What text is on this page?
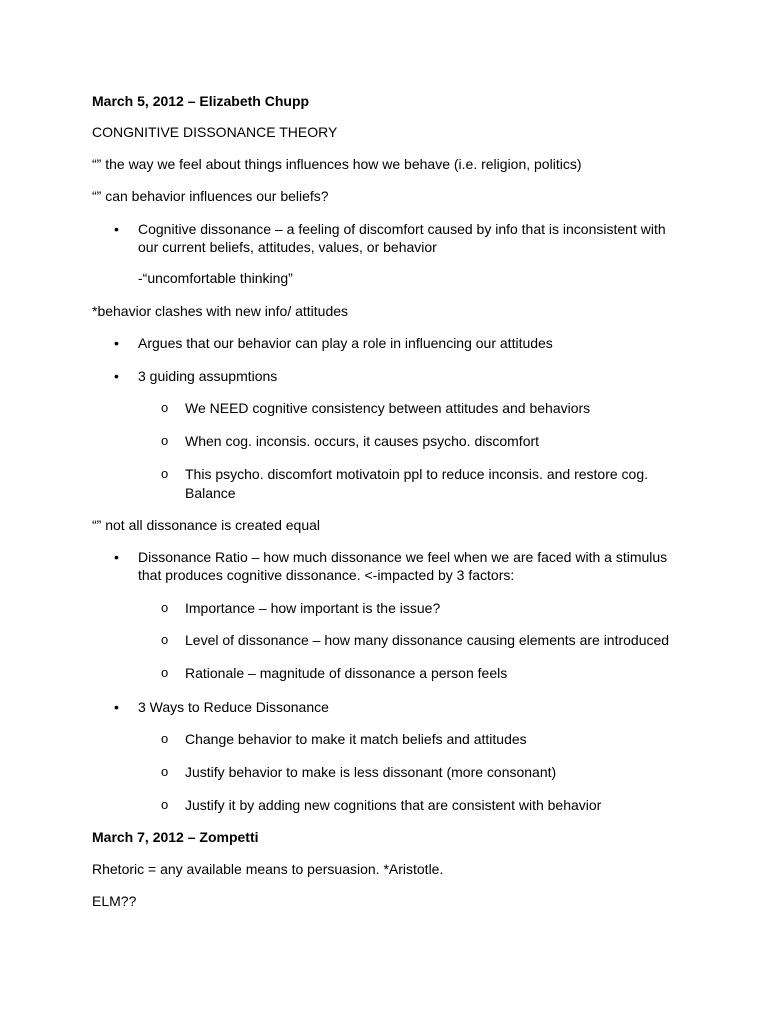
March 5, 2012 – Elizabeth Chupp
CONGNITIVE DISSONANCE THEORY
“” the way we feel about things influences how we behave (i.e. religion, politics)
“” can behavior influences our beliefs?
• Cognitive dissonance – a feeling of discomfort caused by info that is inconsistent with
our current beliefs, attitudes, values, or behavior
-“uncomfortable thinking”
*behavior clashes with new info/ attitudes
• Argues that our behavior can play a role in influencing our attitudes
• 3 guiding assupmtions
o We NEED cognitive consistency between attitudes and behaviors
o When cog. inconsis. occurs, it causes psycho. discomfort
o This psycho. discomfort motivatoin ppl to reduce inconsis. and restore cog.
Balance
“” not all dissonance is created equal
• Dissonance Ratio – how much dissonance we feel when we are faced with a stimulus
that produces cognitive dissonance. <-impacted by 3 factors:
o Importance – how important is the issue?
o Level of dissonance – how many dissonance causing elements are introduced
o Rationale – magnitude of dissonance a person feels
• 3 Ways to Reduce Dissonance
o Change behavior to make it match beliefs and attitudes
o Justify behavior to make is less dissonant (more consonant)
o Justify it by adding new cognitions that are consistent with behavior
March 7, 2012 – Zompetti
Rhetoric = any available means to persuasion. *Aristotle.
ELM??
